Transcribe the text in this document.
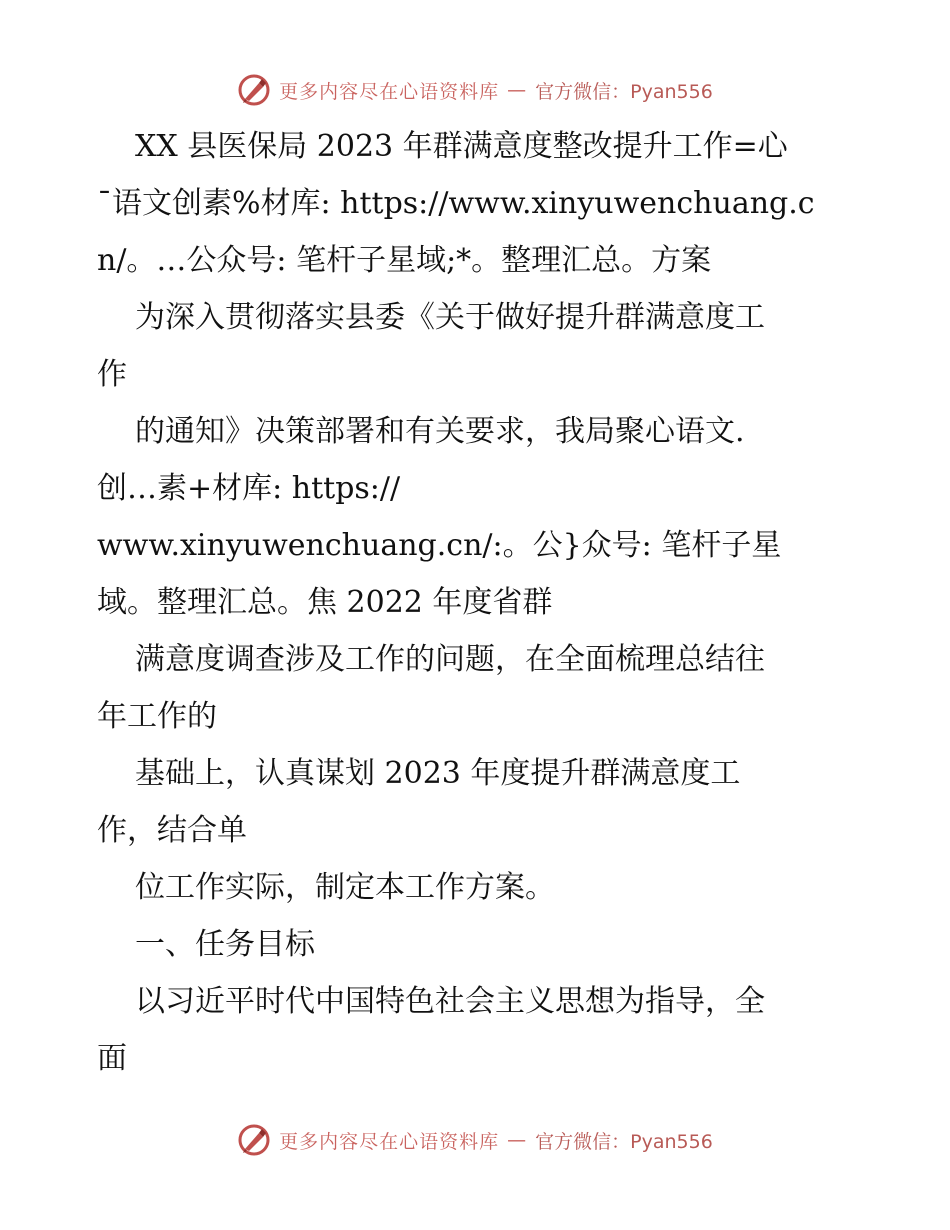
更多内容尽在心语资料库 — 官方微信：Pyan556
XX 县医保局 2023 年群满意度整改提升工作=心
¯语文创素%材库: https://www.xinyuwenchuang.c
n/。…公众号: 笔杆子星域;*。整理汇总。方案
为深入贯彻落实县委《关于做好提升群满意度工
作
的通知》决策部署和有关要求，我局聚心语文.
创…素+材库: https://
www.xinyuwenchuang.cn/:。公}众号: 笔杆子星
域。整理汇总。焦 2022 年度省群
满意度调查涉及工作的问题，在全面梳理总结往
年工作的
基础上，认真谋划 2023 年度提升群满意度工
作，结合单
位工作实际，制定本工作方案。
一、任务目标
以习近平时代中国特色社会主义思想为指导，全
面
更多内容尽在心语资料库 — 官方微信：Pyan556
